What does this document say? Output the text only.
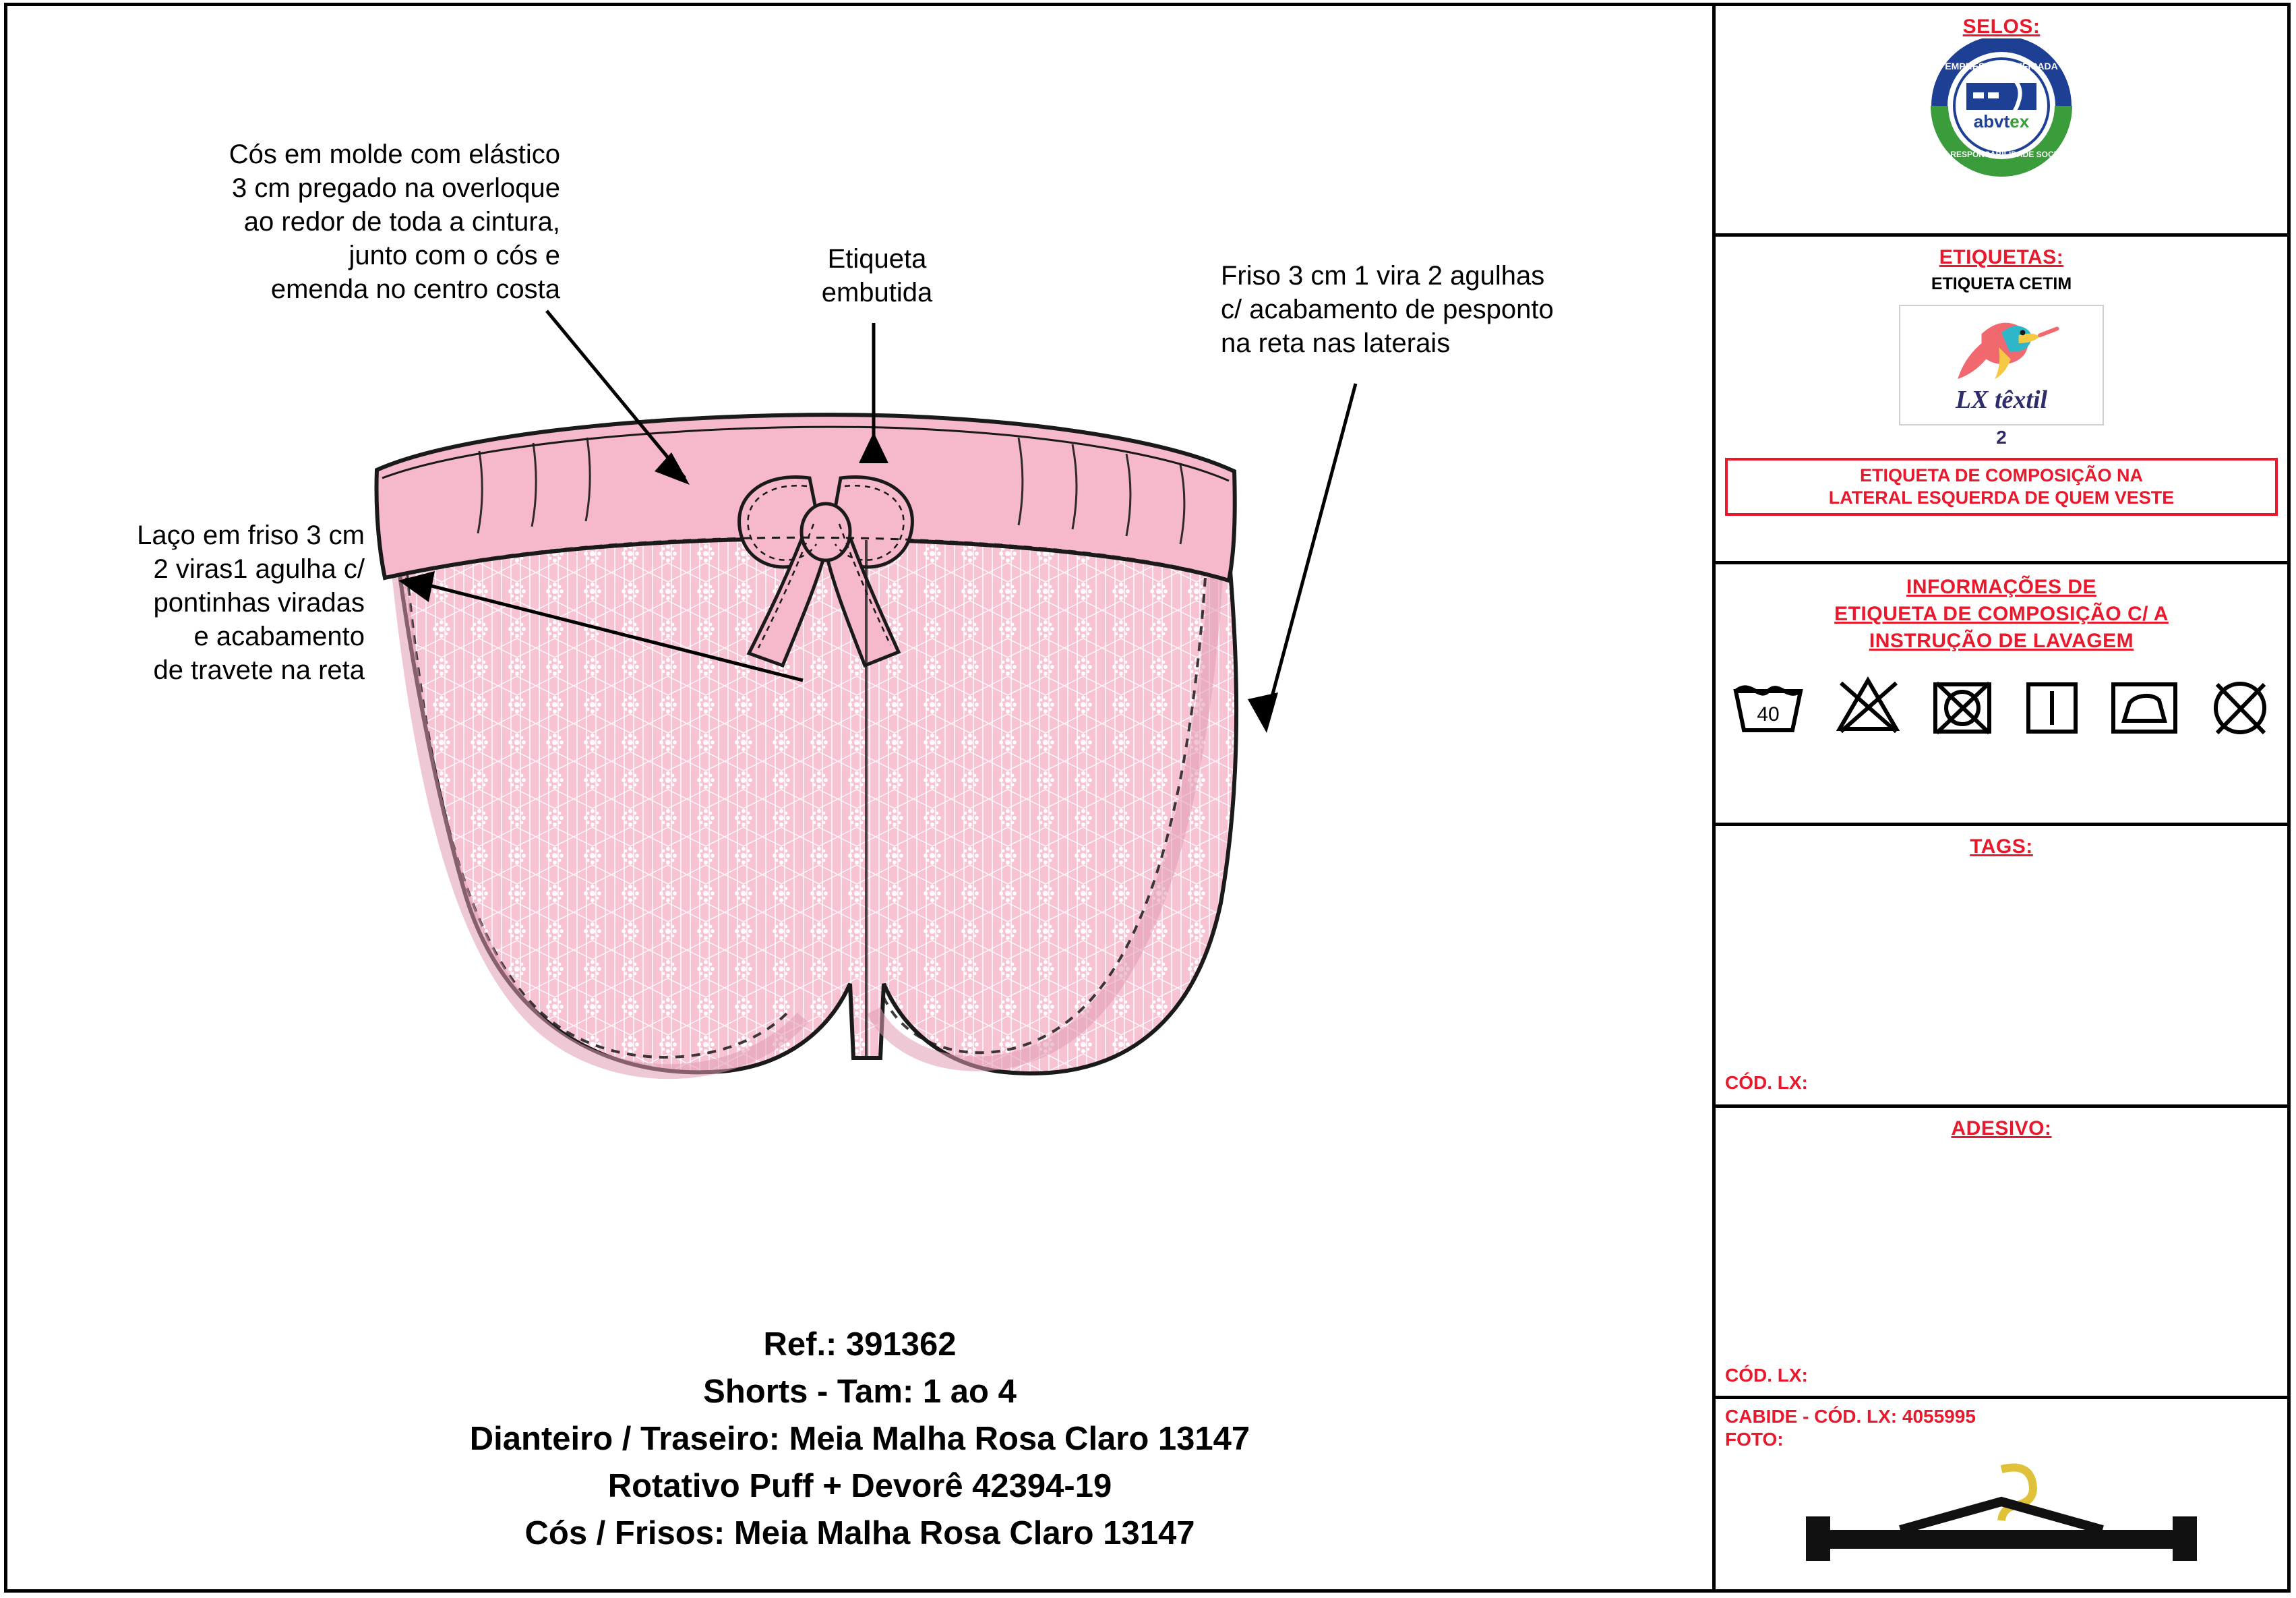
Cós em molde com elástico
3 cm pregado na overloque
ao redor de toda a cintura,
junto com o cós e
emenda no centro costa
Etiqueta
embutida
Friso 3 cm 1 vira 2 agulhas
c/ acabamento de pesponto
na reta nas laterais
Laço em friso 3 cm
2 viras1 agulha c/
pontinhas viradas
e acabamento
de travete na reta
Ref.: 391362
Shorts - Tam: 1 ao 4
Dianteiro / Traseiro: Meia Malha Rosa Claro 13147
Rotativo Puff + Devorê 42394-19
Cós / Frisos: Meia Malha Rosa Claro 13147
SELOS:
abvtex
EMPRESA CERTIFICADA
EM RESPONSABILIDADE SOCIAL
ETIQUETAS:
ETIQUETA CETIM
LX têxtil
2
ETIQUETA DE COMPOSIÇÃO NA
LATERAL ESQUERDA DE QUEM VESTE
INFORMAÇÕES DE
ETIQUETA DE COMPOSIÇÃO C/ A
INSTRUÇÃO DE LAVAGEM
40
TAGS:
CÓD. LX:
ADESIVO:
CÓD. LX:
CABIDE - CÓD. LX: 4055995
FOTO:
